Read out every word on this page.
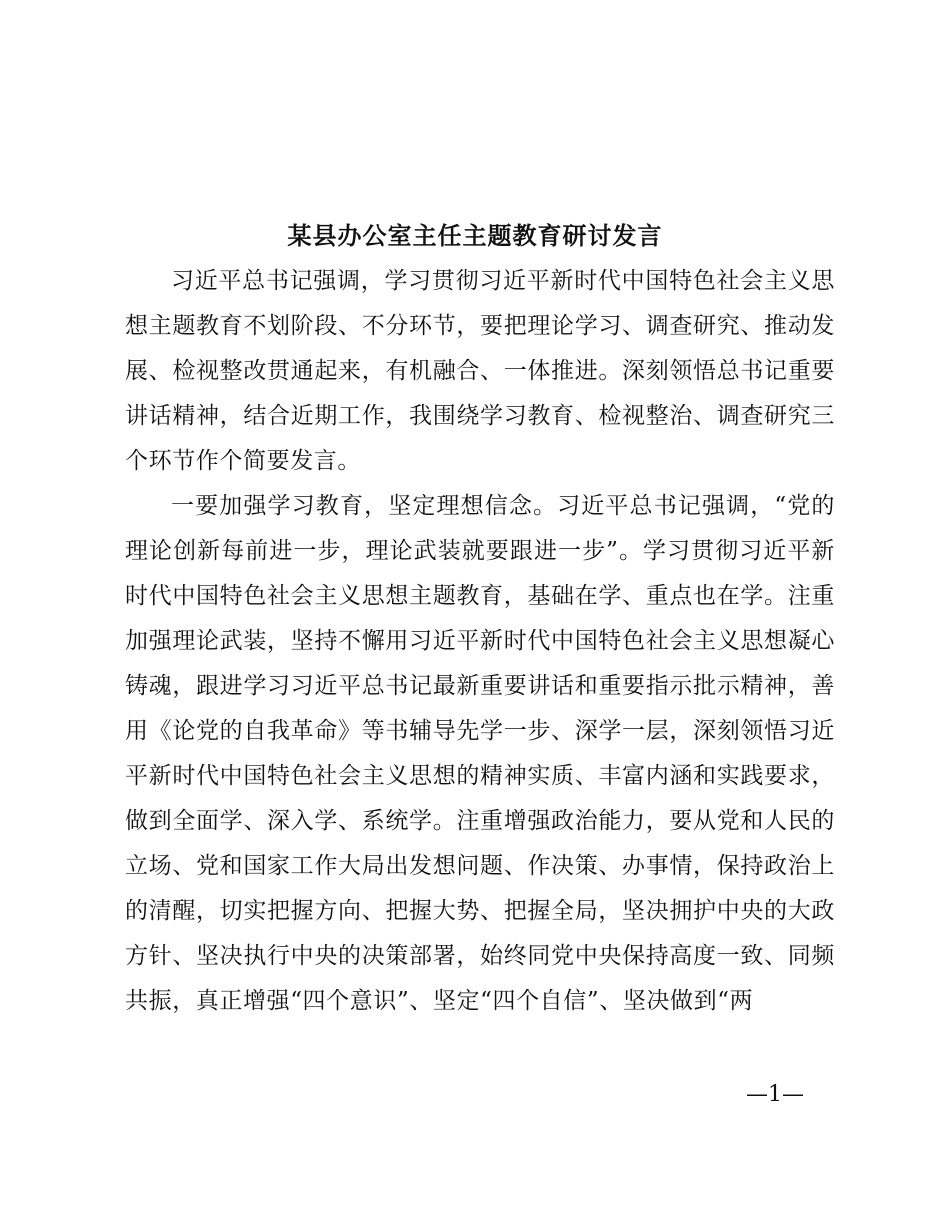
某县办公室主任主题教育研讨发言

习近平总书记强调，学习贯彻习近平新时代中国特色社会主义思想主题教育不划阶段、不分环节，要把理论学习、调查研究、推动发展、检视整改贯通起来，有机融合、一体推进。深刻领悟总书记重要讲话精神，结合近期工作，我围绕学习教育、检视整治、调查研究三个环节作个简要发言。

一要加强学习教育，坚定理想信念。习近平总书记强调，“党的理论创新每前进一步，理论武装就要跟进一步”。学习贯彻习近平新时代中国特色社会主义思想主题教育，基础在学、重点也在学。注重加强理论武装，坚持不懈用习近平新时代中国特色社会主义思想凝心铸魂，跟进学习习近平总书记最新重要讲话和重要指示批示精神，善用《论党的自我革命》等书辅导先学一步、深学一层，深刻领悟习近平新时代中国特色社会主义思想的精神实质、丰富内涵和实践要求，做到全面学、深入学、系统学。注重增强政治能力，要从党和人民的立场、党和国家工作大局出发想问题、作决策、办事情，保持政治上的清醒，切实把握方向、把握大势、把握全局，坚决拥护中央的大政方针、坚决执行中央的决策部署，始终同党中央保持高度一致、同频共振，真正增强“四个意识”、坚定“四个自信”、坚决做到“两

—1—
